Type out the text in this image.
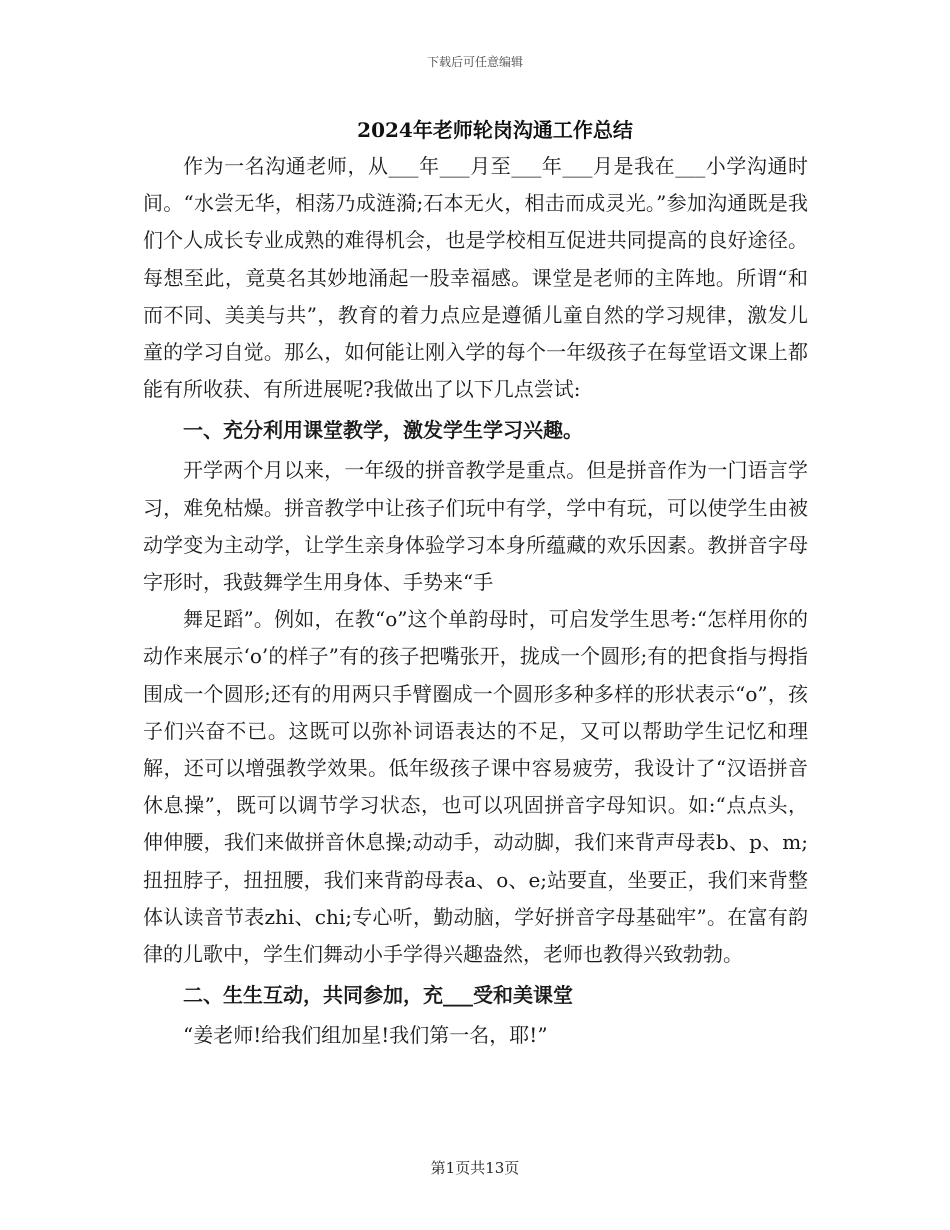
下载后可任意编辑
2024年老师轮岗沟通工作总结

作为一名沟通老师，从___年___月至___年___月是我在___小学沟通时间。“水尝无华，相荡乃成涟漪;石本无火，相击而成灵光。”参加沟通既是我们个人成长专业成熟的难得机会，也是学校相互促进共同提高的良好途径。每想至此，竟莫名其妙地涌起一股幸福感。课堂是老师的主阵地。所谓“和而不同、美美与共”，教育的着力点应是遵循儿童自然的学习规律，激发儿童的学习自觉。那么，如何能让刚入学的每个一年级孩子在每堂语文课上都能有所收获、有所进展呢?我做出了以下几点尝试:

一、充分利用课堂教学，激发学生学习兴趣。

开学两个月以来，一年级的拼音教学是重点。但是拼音作为一门语言学习，难免枯燥。拼音教学中让孩子们玩中有学，学中有玩，可以使学生由被动学变为主动学，让学生亲身体验学习本身所蕴藏的欢乐因素。教拼音字母字形时，我鼓舞学生用身体、手势来“手

舞足蹈”。例如，在教“o”这个单韵母时，可启发学生思考:“怎样用你的动作来展示‘o’的样子”有的孩子把嘴张开，拢成一个圆形;有的把食指与拇指围成一个圆形;还有的用两只手臂圈成一个圆形多种多样的形状表示“o”，孩子们兴奋不已。这既可以弥补词语表达的不足，又可以帮助学生记忆和理解，还可以增强教学效果。低年级孩子课中容易疲劳，我设计了“汉语拼音休息操”，既可以调节学习状态，也可以巩固拼音字母知识。如:“点点头，伸伸腰，我们来做拼音休息操;动动手，动动脚，我们来背声母表b、p、m;扭扭脖子，扭扭腰，我们来背韵母表a、o、e;站要直，坐要正，我们来背整体认读音节表zhi、chi;专心听，勤动脑，学好拼音字母基础牢”。在富有韵律的儿歌中，学生们舞动小手学得兴趣盎然，老师也教得兴致勃勃。

二、生生互动，共同参加，充___受和美课堂

“姜老师!给我们组加星!我们第一名，耶!”

第1页共13页
